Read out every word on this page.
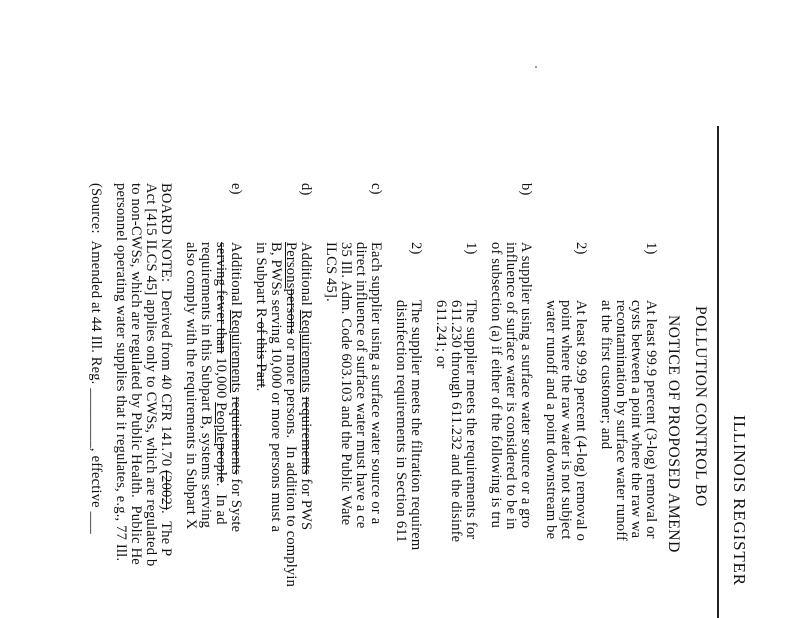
ILLINOIS REGISTER
POLLUTION CONTROL BO
NOTICE OF PROPOSED AMEND
1)
At least 99.9 percent (3-log) removal or
cysts between a point where the raw wa
recontamination by surface water runoff
at the first customer; and
2)
At least 99.99 percent (4-log) removal o
point where the raw water is not subject
water runoff and a point downstream be
b)
A supplier using a surface water source or a gro
influence of surface water is considered to be in
of subsection (a) if either of the following is tru
1)
The supplier meets the requirements for
611.230 through 611.232 and the disinfe
611.241; or
2)
The supplier meets the filtration requirem
disinfection requirements in Section 611
c)
Each supplier using a surface water source or a
direct influence of surface water must have a ce
35 Ill. Adm. Code 603.103 and the Public Wate
ILCS 45].
d)
Additional Requirements requirements for PWS
Personspersons or more persons.  In addition to complyin
B, PWSs serving 10,000 or more persons must a
in Subpart R of this Part.
e)
Additional Requirements requirements for Syste
serving fewer than 10,000 Peoplepeople.  In ad
requirements in this Subpart B, systems serving
also comply with the requirements in Subpart X
BOARD NOTE:  Derived from 40 CFR 141.70 (2002).  The P
Act [415 ILCS 45] applies only to CWSs, which are regulated b
to non-CWSs, which are regulated by Public Health.  Public He
personnel operating water supplies that it regulates, e.g., 77 Ill.
(Source:  Amended at 44 Ill. Reg. ________, effective ___
